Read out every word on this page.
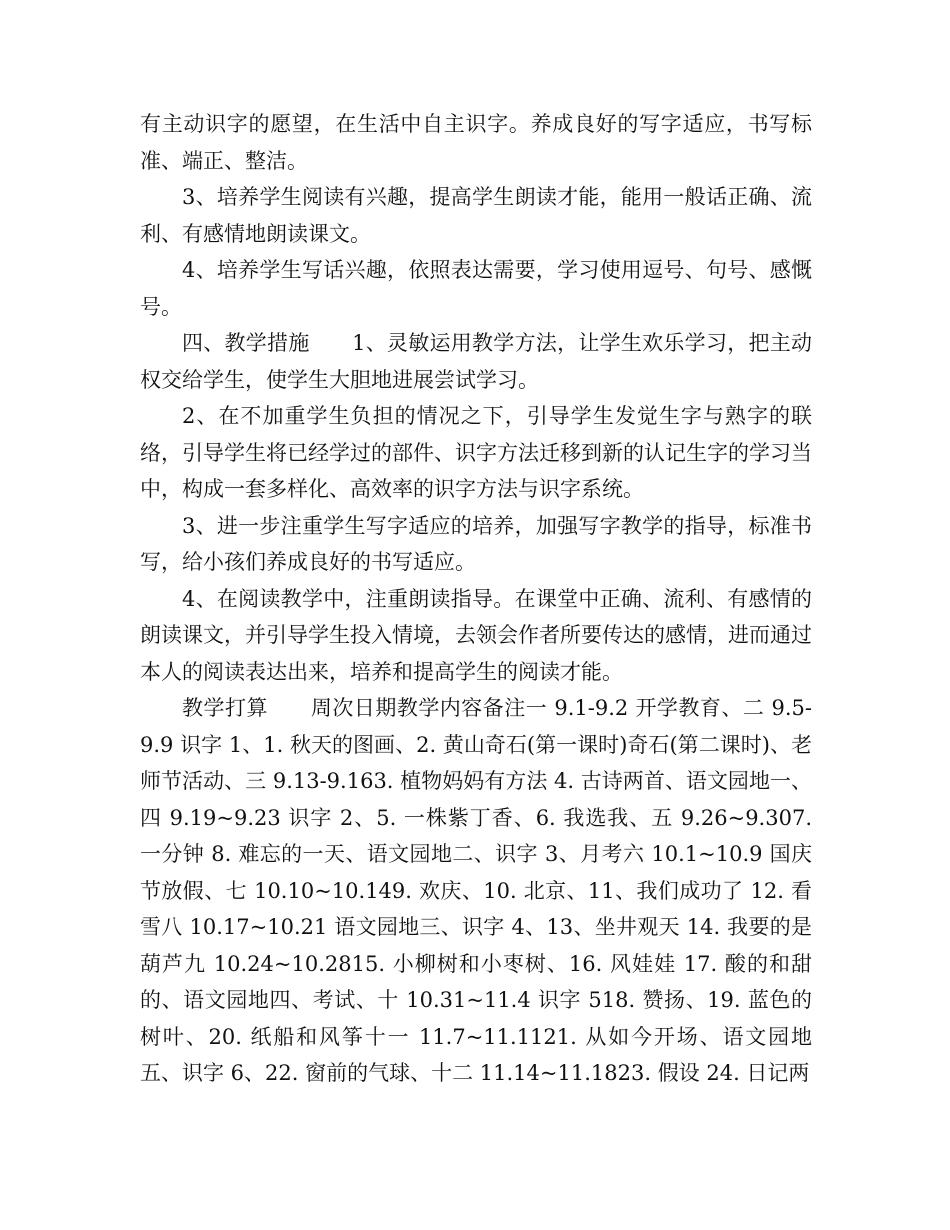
有主动识字的愿望，在生活中自主识字。养成良好的写字适应，书写标准、端正、整洁。

3、培养学生阅读有兴趣，提高学生朗读才能，能用一般话正确、流利、有感情地朗读课文。

4、培养学生写话兴趣，依照表达需要，学习使用逗号、句号、感慨号。

四、教学措施　　1、灵敏运用教学方法，让学生欢乐学习，把主动权交给学生，使学生大胆地进展尝试学习。

2、在不加重学生负担的情况之下，引导学生发觉生字与熟字的联络，引导学生将已经学过的部件、识字方法迁移到新的认记生字的学习当中，构成一套多样化、高效率的识字方法与识字系统。

3、进一步注重学生写字适应的培养，加强写字教学的指导，标准书写，给小孩们养成良好的书写适应。

4、在阅读教学中，注重朗读指导。在课堂中正确、流利、有感情的朗读课文，并引导学生投入情境，去领会作者所要传达的感情，进而通过本人的阅读表达出来，培养和提高学生的阅读才能。

教学打算　　周次日期教学内容备注一 9.1-9.2 开学教育、二 9.5-9.9 识字 1、1. 秋天的图画、2. 黄山奇石(第一课时)奇石(第二课时)、老师节活动、三 9.13-9.163. 植物妈妈有方法 4. 古诗两首、语文园地一、四 9.19~9.23 识字 2、5. 一株紫丁香、6. 我选我、五 9.26~9.307. 一分钟 8. 难忘的一天、语文园地二、识字 3、月考六 10.1~10.9 国庆节放假、七 10.10~10.149. 欢庆、10. 北京、11、我们成功了 12. 看雪八 10.17~10.21 语文园地三、识字 4、13、坐井观天 14. 我要的是葫芦九 10.24~10.2815. 小柳树和小枣树、16. 风娃娃 17. 酸的和甜的、语文园地四、考试、十 10.31~11.4 识字 518. 赞扬、19. 蓝色的树叶、20. 纸船和风筝十一 11.7~11.1121. 从如今开场、语文园地五、识字 6、22. 窗前的气球、十二 11.14~11.1823. 假设 24. 日记两
